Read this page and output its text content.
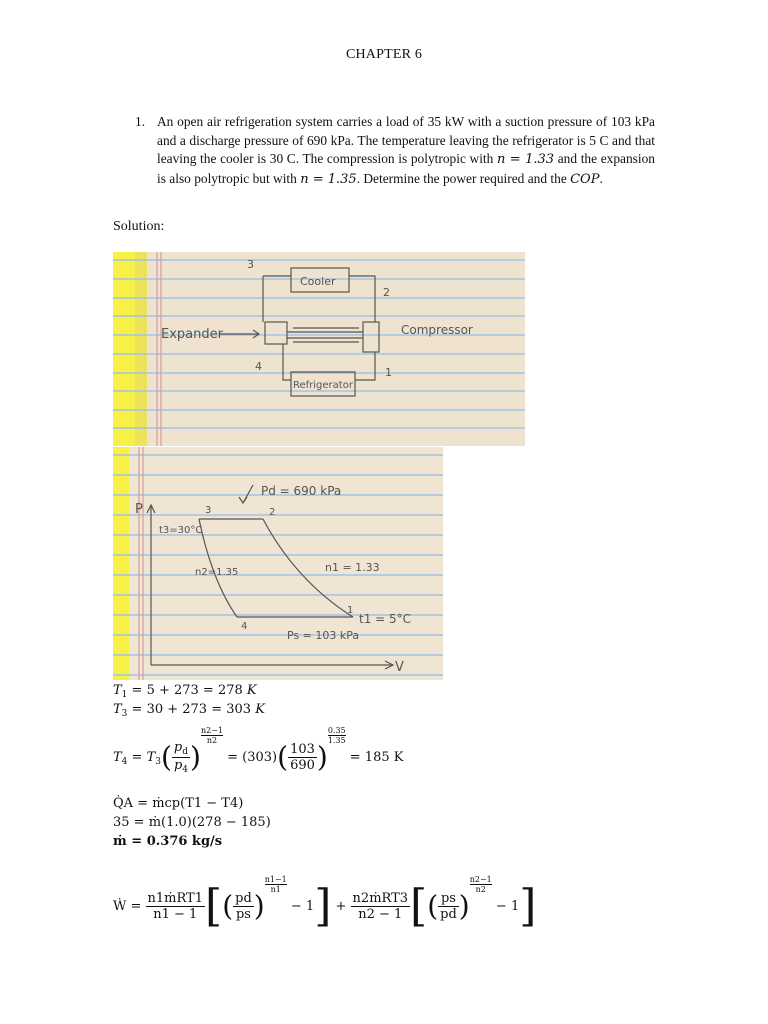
CHAPTER 6
1. An open air refrigeration system carries a load of 35 kW with a suction pressure of 103 kPa and a discharge pressure of 690 kPa. The temperature leaving the refrigerator is 5 C and that leaving the cooler is 30 C. The compression is polytropic with n = 1.33 and the expansion is also polytropic but with n = 1.35. Determine the power required and the COP.
Solution:
Cooler
Expander	Compressor
Refrigerator
3
2
4	1
Pd = 690 kPa
t3=30°C
n2=1.35	n1 = 1.33
t1 = 5°C
Ps = 103 kPa
P
V
3	2
1
4
$T_1 = 5 + 273 = 278$ K
$T_3 = 30 + 273 = 303$ K
$T_4 = T_3( \frac{p_d}{p_4}$ )
$\frac{n2-1}{n2} = (303)( \frac{103}{690}$ )
$\frac{0.35}{1.35} = 185$ K
Q̇A = ṁcp(T1 − T4)
35 = ṁ(1.0)(278 − 185)
ṁ = 0.376 kg/s
Ẇ = $\frac{\text{n1ṁRT1}}{n1 - 1}$ [( $\frac{pd}{ps}$ )
$\frac{n1-1}{n1} - 1] + \frac{\text{n2ṁRT3}}{n2 - 1}$ [( $\frac{ps}{pd}$ )
$\frac{n2-1}{n2} - 1$]
